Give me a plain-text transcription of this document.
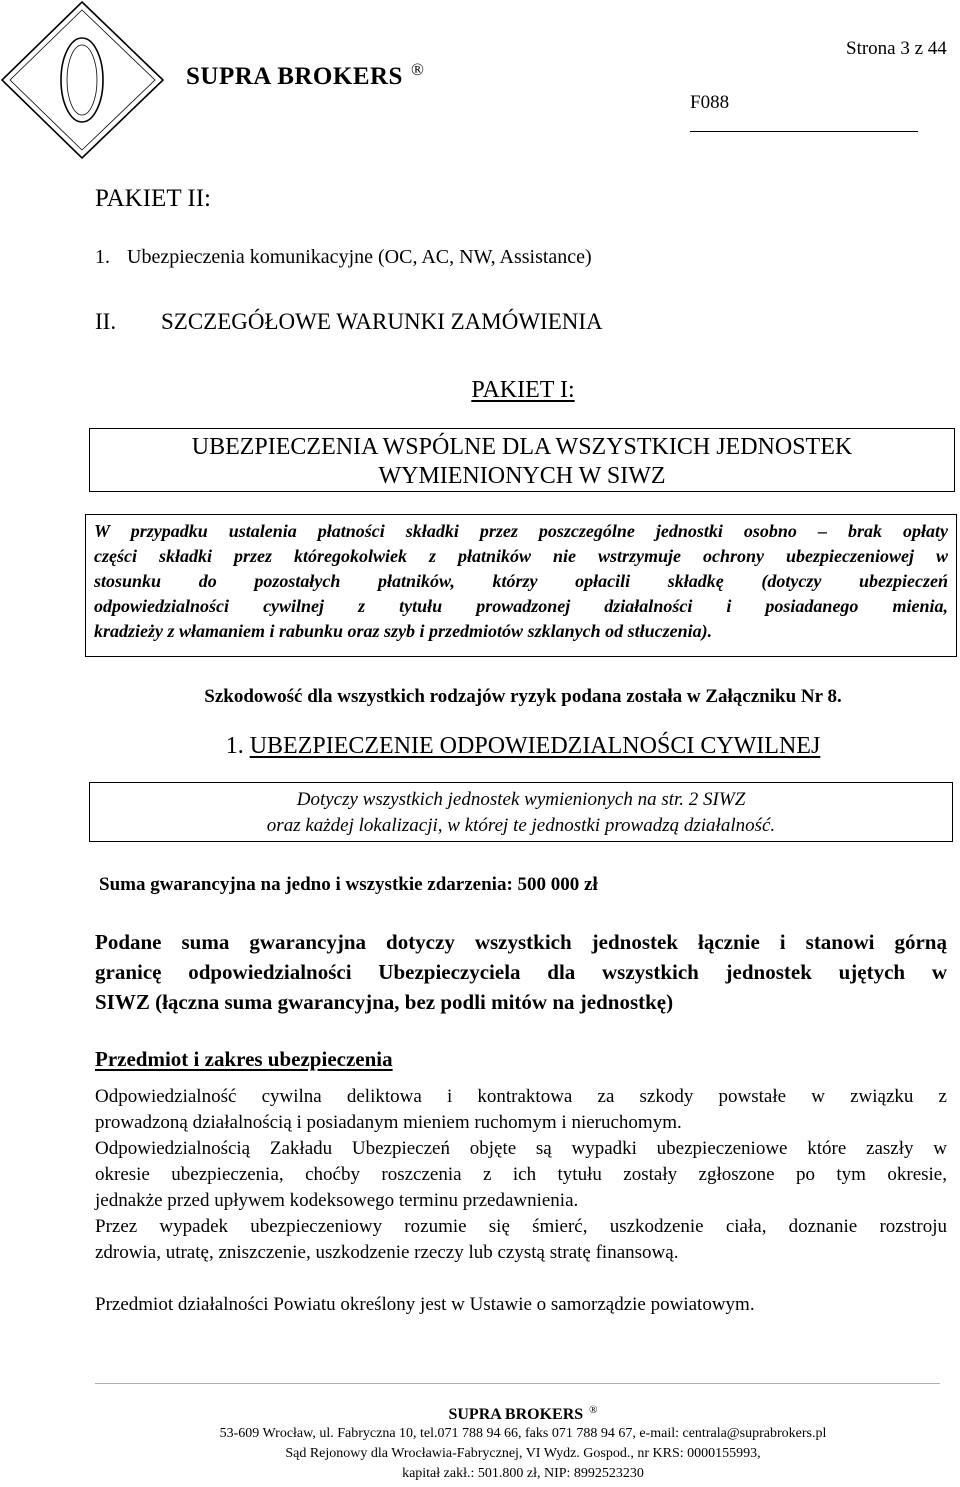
SUPRA BROKERS ®
Strona 3 z 44
F088
PAKIET II:
1. Ubezpieczenia komunikacyjne (OC, AC, NW, Assistance)
II. SZCZEGÓŁOWE WARUNKI ZAMÓWIENIA
PAKIET I:
UBEZPIECZENIA WSPÓLNE DLA WSZYSTKICH JEDNOSTEK
WYMIENIONYCH W SIWZ
W przypadku ustalenia płatności składki przez poszczególne jednostki osobno – brak opłaty
części składki przez któregokolwiek z płatników nie wstrzymuje ochrony ubezpieczeniowej w
stosunku do pozostałych płatników, którzy opłacili składkę (dotyczy ubezpieczeń
odpowiedzialności cywilnej z tytułu prowadzonej działalności i posiadanego mienia,
kradzieży z włamaniem i rabunku oraz szyb i przedmiotów szklanych od stłuczenia).
Szkodowość dla wszystkich rodzajów ryzyk podana została w Załączniku Nr 8.
1. UBEZPIECZENIE ODPOWIEDZIALNOŚCI CYWILNEJ
Dotyczy wszystkich jednostek wymienionych na str. 2 SIWZ
oraz każdej lokalizacji, w której te jednostki prowadzą działalność.
Suma gwarancyjna na jedno i wszystkie zdarzenia: 500 000 zł
Podane suma gwarancyjna dotyczy wszystkich jednostek łącznie i stanowi górną
granicę odpowiedzialności Ubezpieczyciela dla wszystkich jednostek ujętych w
SIWZ (łączna suma gwarancyjna, bez podli mitów na jednostkę)
Przedmiot i zakres ubezpieczenia
Odpowiedzialność cywilna deliktowa i kontraktowa za szkody powstałe w związku z
prowadzoną działalnością i posiadanym mieniem ruchomym i nieruchomym.
Odpowiedzialnością Zakładu Ubezpieczeń objęte są wypadki ubezpieczeniowe które zaszły w
okresie ubezpieczenia, choćby roszczenia z ich tytułu zostały zgłoszone po tym okresie,
jednakże przed upływem kodeksowego terminu przedawnienia.
Przez wypadek ubezpieczeniowy rozumie się śmierć, uszkodzenie ciała, doznanie rozstroju
zdrowia, utratę, zniszczenie, uszkodzenie rzeczy lub czystą stratę finansową.
Przedmiot działalności Powiatu określony jest w Ustawie o samorządzie powiatowym.
SUPRA BROKERS ®
53-609 Wrocław, ul. Fabryczna 10, tel.071 788 94 66, faks 071 788 94 67, e-mail: centrala@suprabrokers.pl
Sąd Rejonowy dla Wrocławia-Fabrycznej, VI Wydz. Gospod., nr KRS: 0000155993,
kapitał zakł.: 501.800 zł, NIP: 8992523230
